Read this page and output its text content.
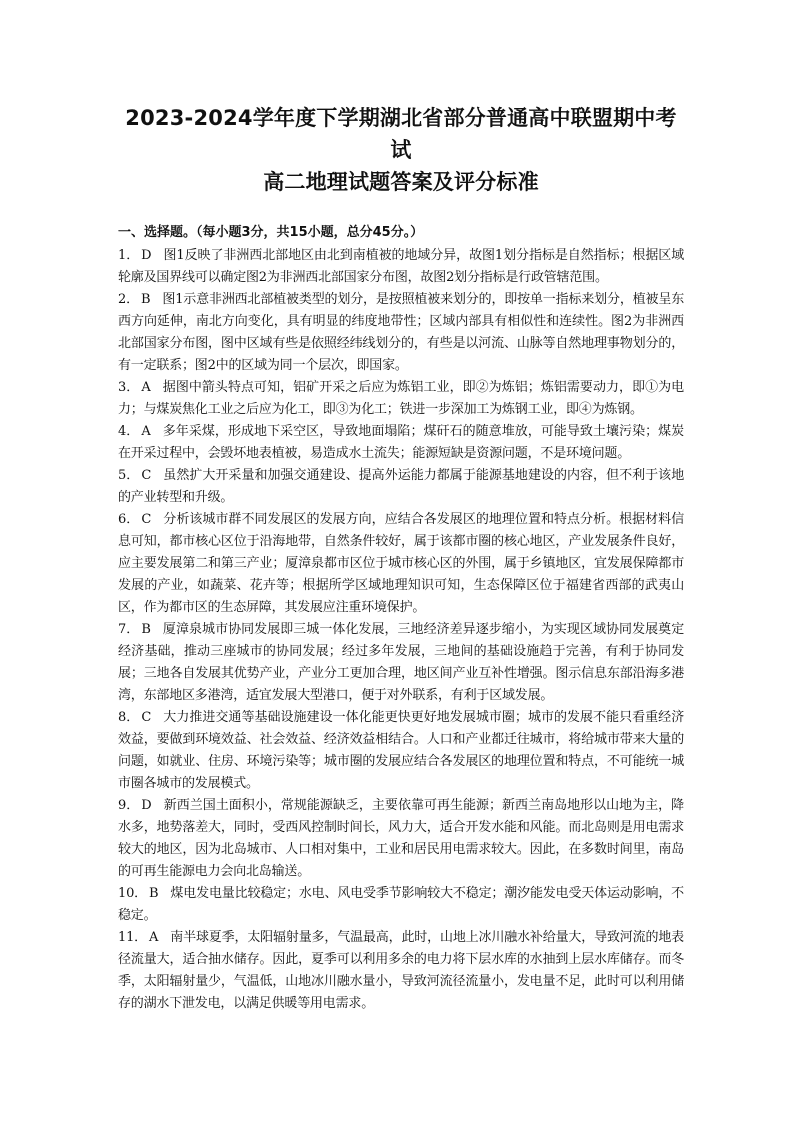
2023-2024学年度下学期湖北省部分普通高中联盟期中考试
高二地理试题答案及评分标准
一、选择题。（每小题3分，共15小题，总分45分。）
1． D 图1反映了非洲西北部地区由北到南植被的地域分异，故图1划分指标是自然指标；根据区域轮廓及国界线可以确定图2为非洲西北部国家分布图，故图2划分指标是行政管辖范围。
2． B 图1示意非洲西北部植被类型的划分，是按照植被来划分的，即按单一指标来划分，植被呈东西方向延伸，南北方向变化，具有明显的纬度地带性；区域内部具有相似性和连续性。图2为非洲西北部国家分布图，图中区域有些是依照经纬线划分的，有些是以河流、山脉等自然地理事物划分的，有一定联系；图2中的区域为同一个层次，即国家。
3． A 据图中箭头特点可知，铝矿开采之后应为炼铝工业，即②为炼铝；炼铝需要动力，即①为电力；与煤炭焦化工业之后应为化工，即③为化工；铁进一步深加工为炼钢工业，即④为炼钢。
4． A 多年采煤，形成地下采空区，导致地面塌陷；煤矸石的随意堆放，可能导致土壤污染；煤炭在开采过程中，会毁坏地表植被，易造成水土流失；能源短缺是资源问题，不是环境问题。
5． C 虽然扩大开采量和加强交通建设、提高外运能力都属于能源基地建设的内容，但不利于该地的产业转型和升级。
6． C 分析该城市群不同发展区的发展方向，应结合各发展区的地理位置和特点分析。根据材料信息可知，都市核心区位于沿海地带，自然条件较好，属于该都市圈的核心地区，产业发展条件良好，应主要发展第二和第三产业；厦漳泉都市区位于城市核心区的外围，属于乡镇地区，宜发展保障都市发展的产业，如蔬菜、花卉等；根据所学区域地理知识可知，生态保障区位于福建省西部的武夷山区，作为都市区的生态屏障，其发展应注重环境保护。
7． B 厦漳泉城市协同发展即三城一体化发展，三地经济差异逐步缩小，为实现区域协同发展奠定经济基础，推动三座城市的协同发展；经过多年发展，三地间的基础设施趋于完善，有利于协同发展；三地各自发展其优势产业，产业分工更加合理，地区间产业互补性增强。图示信息东部沿海多港湾，东部地区多港湾，适宜发展大型港口，便于对外联系，有利于区域发展。
8． C 大力推进交通等基础设施建设一体化能更快更好地发展城市圈；城市的发展不能只看重经济效益，要做到环境效益、社会效益、经济效益相结合。人口和产业都迁往城市，将给城市带来大量的问题，如就业、住房、环境污染等；城市圈的发展应结合各发展区的地理位置和特点，不可能统一城市圈各城市的发展模式。
9． D 新西兰国土面积小，常规能源缺乏，主要依靠可再生能源；新西兰南岛地形以山地为主，降水多，地势落差大，同时，受西风控制时间长，风力大，适合开发水能和风能。而北岛则是用电需求较大的地区，因为北岛城市、人口相对集中，工业和居民用电需求较大。因此，在多数时间里，南岛的可再生能源电力会向北岛输送。
10． B 煤电发电量比较稳定；水电、风电受季节影响较大不稳定；潮汐能发电受天体运动影响，不稳定。
11． A 南半球夏季，太阳辐射量多，气温最高，此时，山地上冰川融水补给量大，导致河流的地表径流量大，适合抽水储存。因此，夏季可以利用多余的电力将下层水库的水抽到上层水库储存。而冬季，太阳辐射量少，气温低，山地冰川融水量小，导致河流径流量小，发电量不足，此时可以利用储存的湖水下泄发电，以满足供暖等用电需求。
